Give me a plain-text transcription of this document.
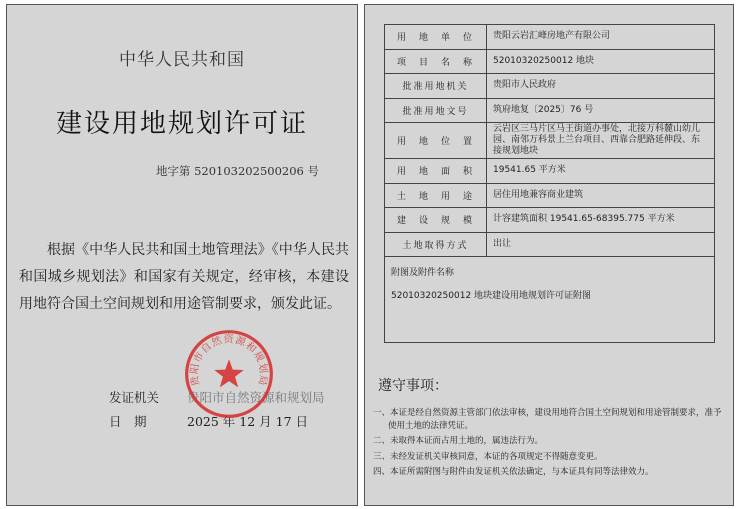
中华人民共和国
建设用地规划许可证
地字第 520103202500206 号
根据《中华人民共和国土地管理法》《中华人民共和国城乡规划法》和国家有关规定，经审核，本建设用地符合国土空间规划和用途管制要求，颁发此证。
发证机关 贵阳市自然资源和规划局
日　期	2025 年 12 月 17 日
贵阳市自然资源和规划局
用　地　单　位	贵阳云岩汇峰房地产有限公司
项　目　名　称	52010320250012 地块
批准用地机关	贵阳市人民政府
批准用地文号	筑府地复〔2025〕76 号
用　地　位　置	云岩区三马片区马王街道办事处，北接万科麓山幼儿园、南邻万科景上兰台项目、西靠合肥路延伸段、东接规划地块
用　地　面　积	19541.65 平方米
土　地　用　途	居住用地兼容商业建筑
建　设　规　模	计容建筑面积 19541.65-68395.775 平方米
土地取得方式	出让

附图及附件名称
52010320250012 地块建设用地规划许可证附图	
遵守事项：
一、本证是经自然资源主管部门依法审核，建设用地符合国土空间规划和用途管制要求，准予使用土地的法律凭证。
二、未取得本证而占用土地的，属违法行为。
三、未经发证机关审核同意，本证的各项规定不得随意变更。
四、本证所需附图与附件由发证机关依法确定，与本证具有同等法律效力。
